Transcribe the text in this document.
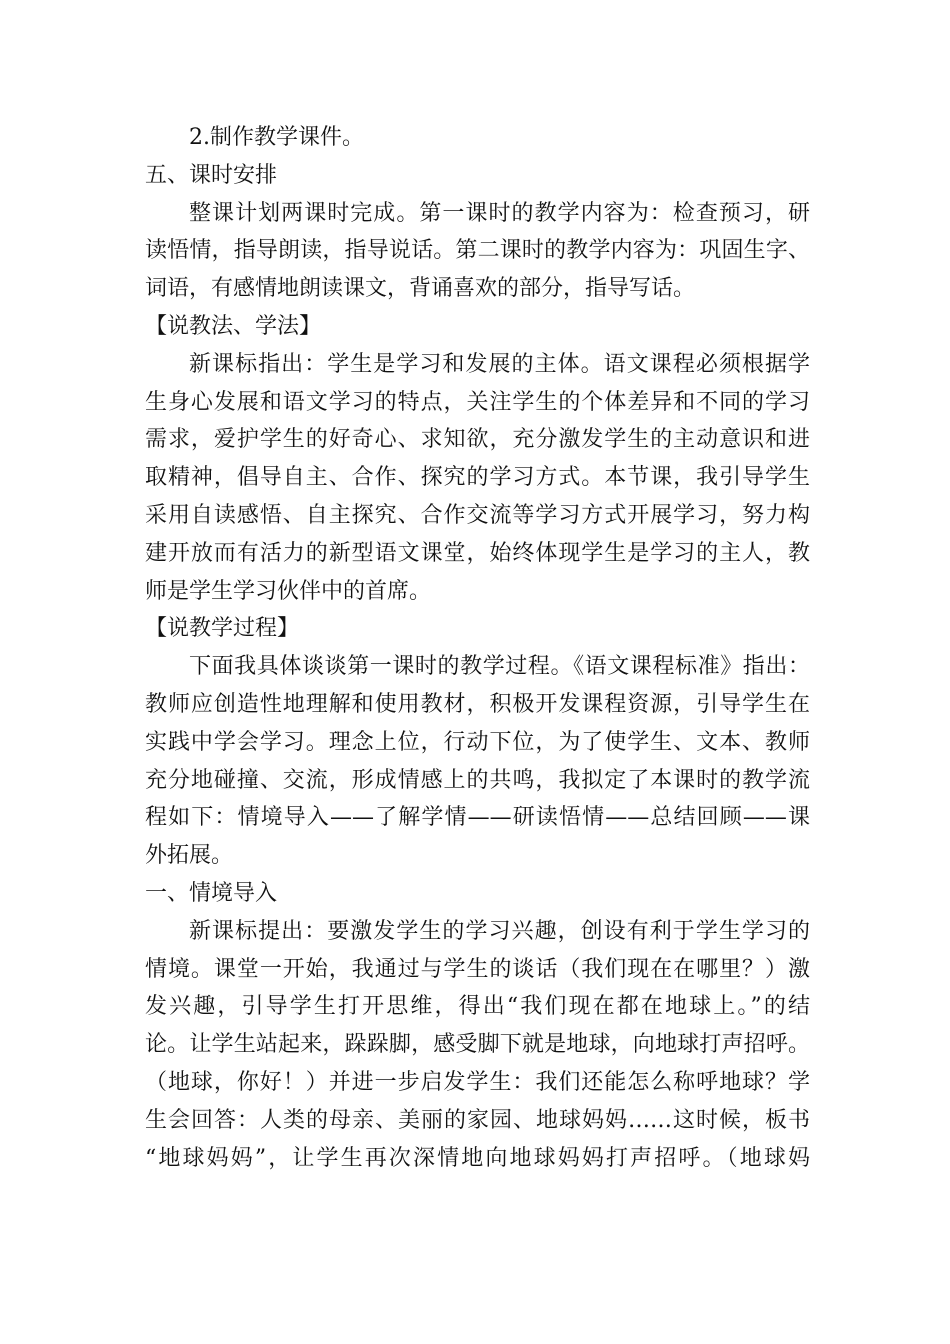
2.制作教学课件。
五、课时安排
整课计划两课时完成。第一课时的教学内容为：检查预习，研
读悟情，指导朗读，指导说话。第二课时的教学内容为：巩固生字、
词语，有感情地朗读课文，背诵喜欢的部分，指导写话。
【说教法、学法】
新课标指出：学生是学习和发展的主体。语文课程必须根据学
生身心发展和语文学习的特点，关注学生的个体差异和不同的学习
需求，爱护学生的好奇心、求知欲，充分激发学生的主动意识和进
取精神，倡导自主、合作、探究的学习方式。本节课，我引导学生
采用自读感悟、自主探究、合作交流等学习方式开展学习，努力构
建开放而有活力的新型语文课堂，始终体现学生是学习的主人，教
师是学生学习伙伴中的首席。
【说教学过程】
下面我具体谈谈第一课时的教学过程。《语文课程标准》指出：
教师应创造性地理解和使用教材，积极开发课程资源，引导学生在
实践中学会学习。理念上位，行动下位，为了使学生、文本、教师
充分地碰撞、交流，形成情感上的共鸣，我拟定了本课时的教学流
程如下：情境导入——了解学情——研读悟情——总结回顾——课
外拓展。
一、情境导入
新课标提出：要激发学生的学习兴趣，创设有利于学生学习的
情境。课堂一开始，我通过与学生的谈话（我们现在在哪里？）激
发兴趣，引导学生打开思维，得出“我们现在都在地球上。”的结
论。让学生站起来，跺跺脚，感受脚下就是地球，向地球打声招呼。
（地球，你好！）并进一步启发学生：我们还能怎么称呼地球？学
生会回答：人类的母亲、美丽的家园、地球妈妈……这时候，板书
“地球妈妈”，让学生再次深情地向地球妈妈打声招呼。（地球妈
